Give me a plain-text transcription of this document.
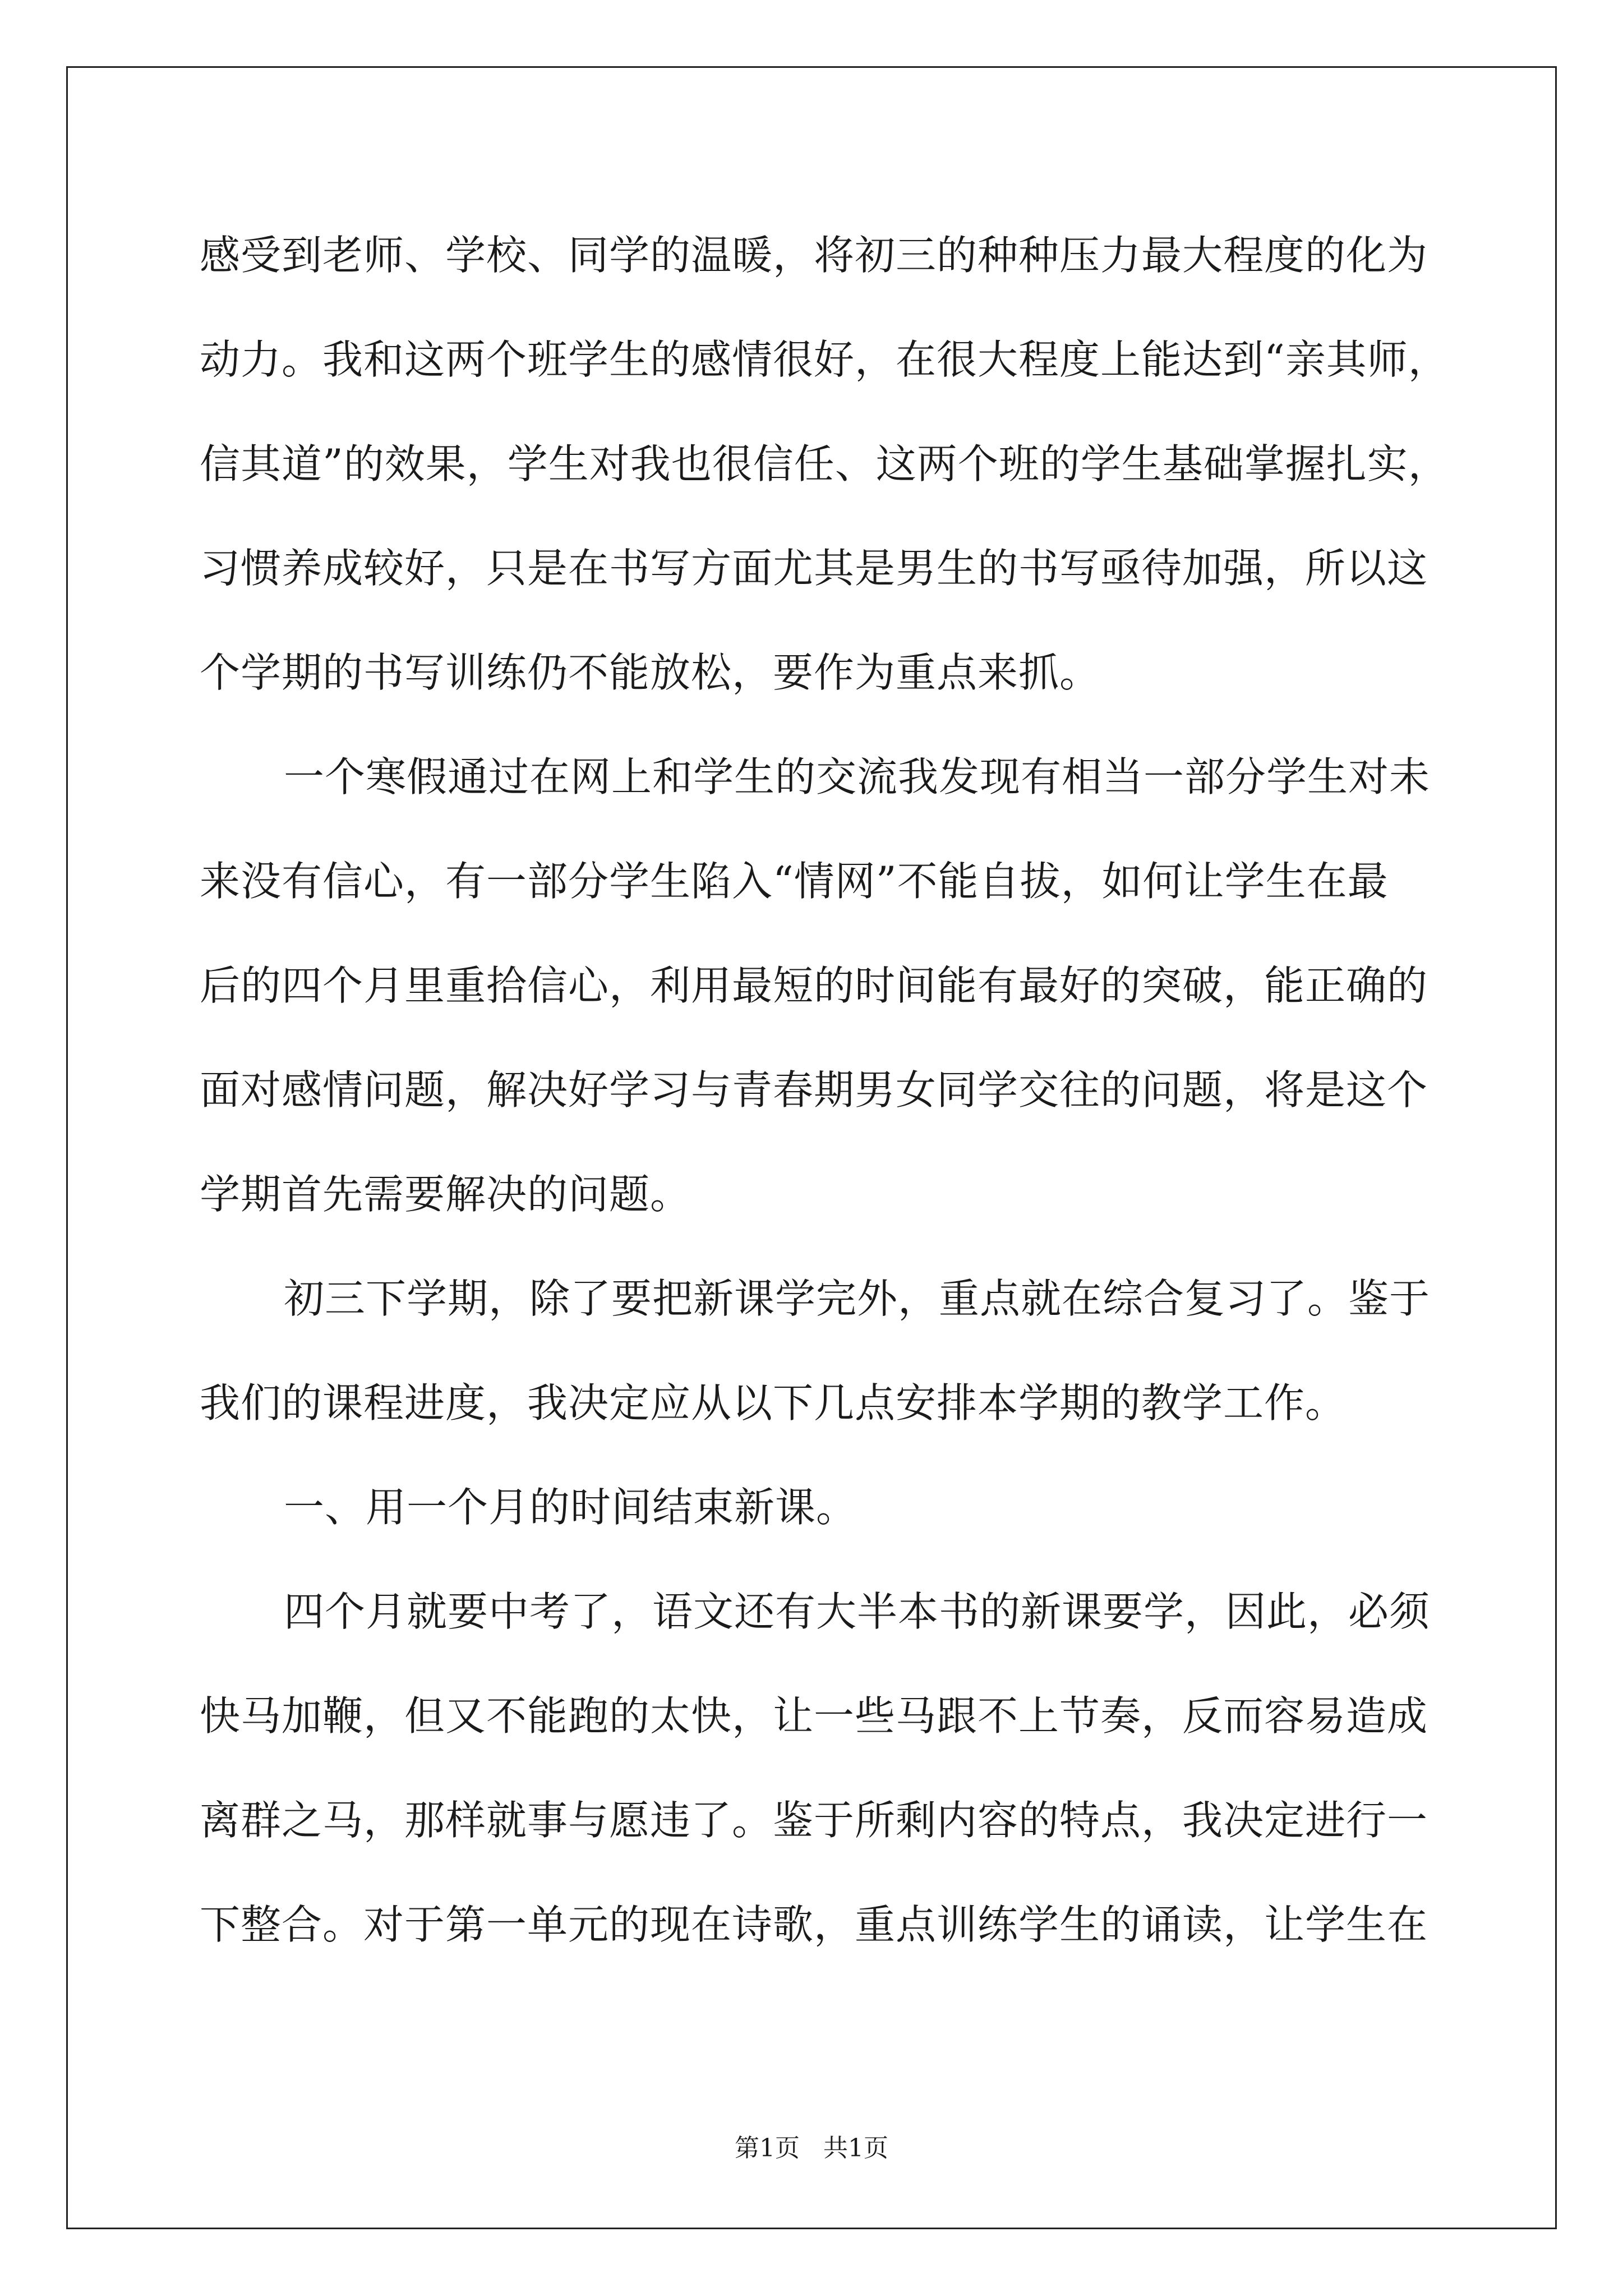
感受到老师、学校、同学的温暖，将初三的种种压力最大程度的化为
动力。我和这两个班学生的感情很好，在很大程度上能达到“亲其师，
信其道”的效果，学生对我也很信任、这两个班的学生基础掌握扎实，
习惯养成较好，只是在书写方面尤其是男生的书写亟待加强，所以这
个学期的书写训练仍不能放松，要作为重点来抓。
一个寒假通过在网上和学生的交流我发现有相当一部分学生对未
来没有信心，有一部分学生陷入“情网”不能自拔，如何让学生在最
后的四个月里重拾信心，利用最短的时间能有最好的突破，能正确的
面对感情问题，解决好学习与青春期男女同学交往的问题，将是这个
学期首先需要解决的问题。
初三下学期，除了要把新课学完外，重点就在综合复习了。鉴于
我们的课程进度，我决定应从以下几点安排本学期的教学工作。
一、用一个月的时间结束新课。
四个月就要中考了，语文还有大半本书的新课要学，因此，必须
快马加鞭，但又不能跑的太快，让一些马跟不上节奏，反而容易造成
离群之马，那样就事与愿违了。鉴于所剩内容的特点，我决定进行一
下整合。对于第一单元的现在诗歌，重点训练学生的诵读，让学生在
第1页   共1页
